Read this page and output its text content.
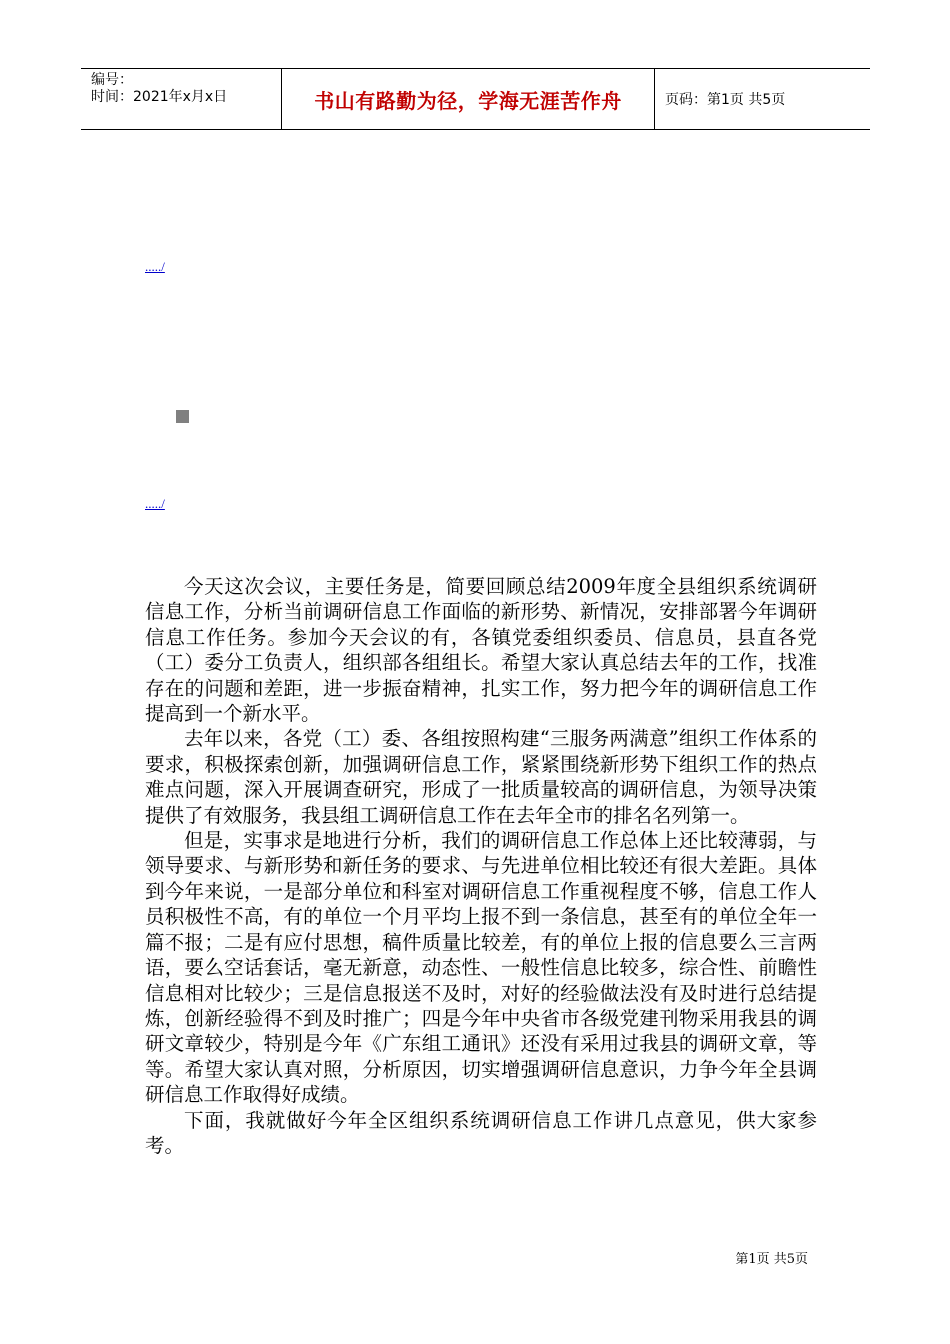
编号：
时间：2021年x月x日	书山有路勤为径，学海无涯苦作舟	页码：第1页 共5页
...../
...../

今天这次会议，主要任务是，简要回顾总结2009年度全县组织系统调研信息工作，分析当前调研信息工作面临的新形势、新情况，安排部署今年调研信息工作任务。参加今天会议的有，各镇党委组织委员、信息员，县直各党（工）委分工负责人，组织部各组组长。希望大家认真总结去年的工作，找准存在的问题和差距，进一步振奋精神，扎实工作，努力把今年的调研信息工作提高到一个新水平。

去年以来，各党（工）委、各组按照构建“三服务两满意”组织工作体系的要求，积极探索创新，加强调研信息工作，紧紧围绕新形势下组织工作的热点难点问题，深入开展调查研究，形成了一批质量较高的调研信息，为领导决策提供了有效服务，我县组工调研信息工作在去年全市的排名名列第一。

但是，实事求是地进行分析，我们的调研信息工作总体上还比较薄弱，与领导要求、与新形势和新任务的要求、与先进单位相比较还有很大差距。具体到今年来说，一是部分单位和科室对调研信息工作重视程度不够，信息工作人员积极性不高，有的单位一个月平均上报不到一条信息，甚至有的单位全年一篇不报；二是有应付思想，稿件质量比较差，有的单位上报的信息要么三言两语，要么空话套话，毫无新意，动态性、一般性信息比较多，综合性、前瞻性信息相对比较少；三是信息报送不及时，对好的经验做法没有及时进行总结提炼，创新经验得不到及时推广；四是今年中央省市各级党建刊物采用我县的调研文章较少，特别是今年《广东组工通讯》还没有采用过我县的调研文章，等等。希望大家认真对照，分析原因，切实增强调研信息意识，力争今年全县调研信息工作取得好成绩。

下面，我就做好今年全区组织系统调研信息工作讲几点意见，供大家参考。

第1页 共5页
